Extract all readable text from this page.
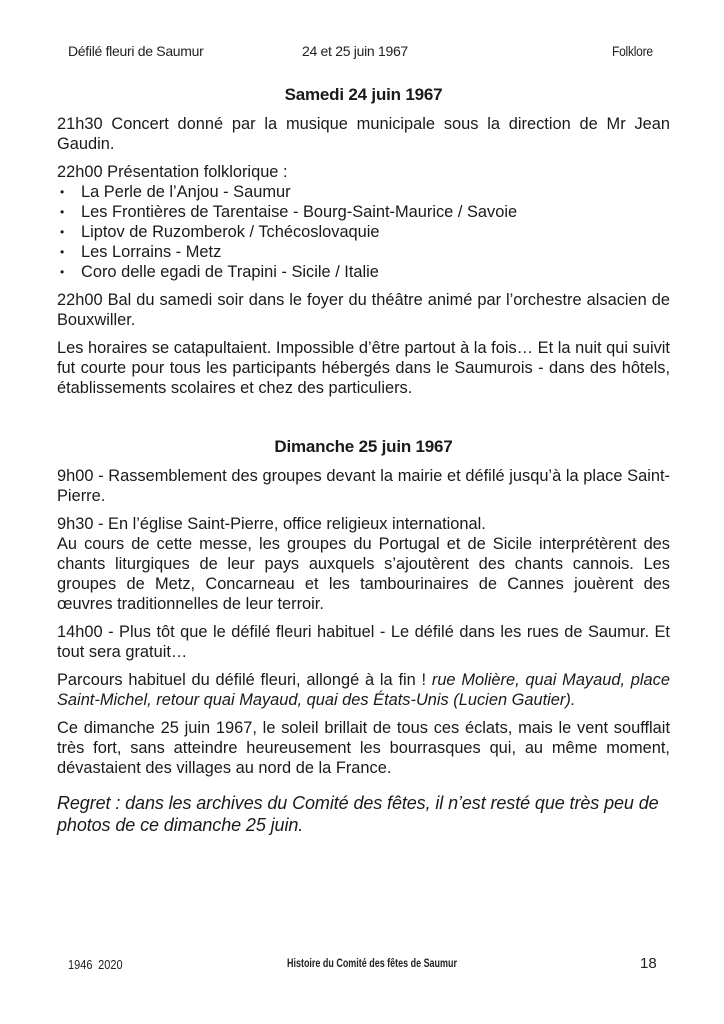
Défilé fleuri de Saumur	24 et 25 juin 1967	Folklore
Samedi 24 juin 1967

21h30 Concert donné par la musique municipale sous la direction de Mr Jean Gaudin.

22h00 Présentation folklorique :

• La Perle de l’Anjou - Saumur
• Les Frontières de Tarentaise - Bourg-Saint-Maurice / Savoie
• Liptov de Ruzomberok / Tchécoslovaquie
• Les Lorrains - Metz
• Coro delle egadi de Trapini - Sicile / Italie

22h00 Bal du samedi soir dans le foyer du théâtre animé par l’orchestre alsacien de Bouxwiller.

Les horaires se catapultaient. Impossible d’être partout à la fois… Et la nuit qui suivit fut courte pour tous les participants hébergés dans le Saumurois - dans des hôtels, établissements scolaires et chez des particuliers.

Dimanche 25 juin 1967

9h00 - Rassemblement des groupes devant la mairie et défilé jusqu’à la place Saint-Pierre.

9h30 - En l’église Saint-Pierre, office religieux international.

Au cours de cette messe, les groupes du Portugal et de Sicile interprétèrent des chants liturgiques de leur pays auxquels s’ajoutèrent des chants cannois. Les groupes de Metz, Concarneau et les tambourinaires de Cannes jouèrent des œuvres traditionnelles de leur terroir.

14h00 - Plus tôt que le défilé fleuri habituel - Le défilé dans les rues de Saumur. Et tout sera gratuit…

Parcours habituel du défilé fleuri, allongé à la fin ! rue Molière, quai Mayaud, place Saint-Michel, retour quai Mayaud, quai des États-Unis (Lucien Gautier).

Ce dimanche 25 juin 1967, le soleil brillait de tous ces éclats, mais le vent soufflait très fort, sans atteindre heureusement les bourrasques qui, au même moment, dévastaient des villages au nord de la France.

Regret : dans les archives du Comité des fêtes, il n’est resté que très peu de photos de ce dimanche 25 juin.

1946 2020	Histoire du Comité des fêtes de Saumur	18
